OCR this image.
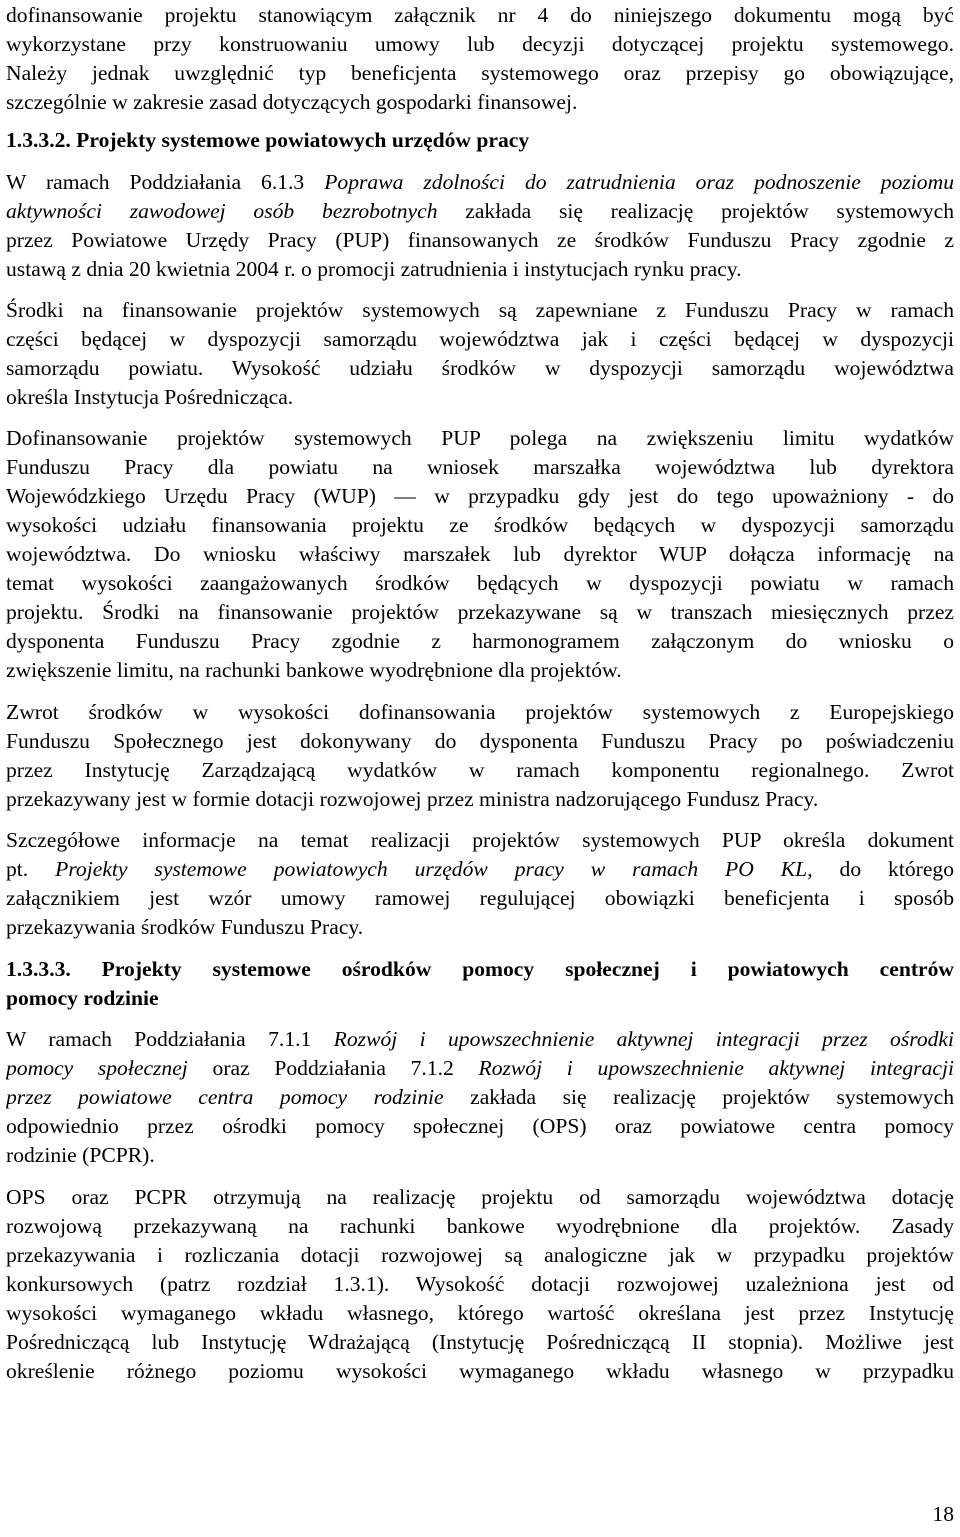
dofinansowanie projektu stanowiącym załącznik nr 4 do niniejszego dokumentu mogą być
wykorzystane przy konstruowaniu umowy lub decyzji dotyczącej projektu systemowego.
Należy jednak uwzględnić typ beneficjenta systemowego oraz przepisy go obowiązujące,
szczególnie w zakresie zasad dotyczących gospodarki finansowej.
1.3.3.2. Projekty systemowe powiatowych urzędów pracy
W ramach Poddziałania 6.1.3 Poprawa zdolności do zatrudnienia oraz podnoszenie poziomu
aktywności zawodowej osób bezrobotnych zakłada się realizację projektów systemowych
przez Powiatowe Urzędy Pracy (PUP) finansowanych ze środków Funduszu Pracy zgodnie z
ustawą z dnia 20 kwietnia 2004 r. o promocji zatrudnienia i instytucjach rynku pracy.
Środki na finansowanie projektów systemowych są zapewniane z Funduszu Pracy w ramach
części będącej w dyspozycji samorządu województwa jak i części będącej w dyspozycji
samorządu powiatu. Wysokość udziału środków w dyspozycji samorządu województwa
określa Instytucja Pośrednicząca.
Dofinansowanie projektów systemowych PUP polega na zwiększeniu limitu wydatków
Funduszu Pracy dla powiatu na wniosek marszałka województwa lub dyrektora
Wojewódzkiego Urzędu Pracy (WUP) — w przypadku gdy jest do tego upoważniony - do
wysokości udziału finansowania projektu ze środków będących w dyspozycji samorządu
województwa. Do wniosku właściwy marszałek lub dyrektor WUP dołącza informację na
temat wysokości zaangażowanych środków będących w dyspozycji powiatu w ramach
projektu. Środki na finansowanie projektów przekazywane są w transzach miesięcznych przez
dysponenta Funduszu Pracy zgodnie z harmonogramem załączonym do wniosku o
zwiększenie limitu, na rachunki bankowe wyodrębnione dla projektów.
Zwrot środków w wysokości dofinansowania projektów systemowych z Europejskiego
Funduszu Społecznego jest dokonywany do dysponenta Funduszu Pracy po poświadczeniu
przez Instytucję Zarządzającą wydatków w ramach komponentu regionalnego. Zwrot
przekazywany jest w formie dotacji rozwojowej przez ministra nadzorującego Fundusz Pracy.
Szczegółowe informacje na temat realizacji projektów systemowych PUP określa dokument
pt. Projekty systemowe powiatowych urzędów pracy w ramach PO KL, do którego
załącznikiem jest wzór umowy ramowej regulującej obowiązki beneficjenta i sposób
przekazywania środków Funduszu Pracy.
1.3.3.3. Projekty systemowe ośrodków pomocy społecznej i powiatowych centrów
pomocy rodzinie
W ramach Poddziałania 7.1.1 Rozwój i upowszechnienie aktywnej integracji przez ośrodki
pomocy społecznej oraz Poddziałania 7.1.2 Rozwój i upowszechnienie aktywnej integracji
przez powiatowe centra pomocy rodzinie zakłada się realizację projektów systemowych
odpowiednio przez ośrodki pomocy społecznej (OPS) oraz powiatowe centra pomocy
rodzinie (PCPR).
OPS oraz PCPR otrzymują na realizację projektu od samorządu województwa dotację
rozwojową przekazywaną na rachunki bankowe wyodrębnione dla projektów. Zasady
przekazywania i rozliczania dotacji rozwojowej są analogiczne jak w przypadku projektów
konkursowych (patrz rozdział 1.3.1). Wysokość dotacji rozwojowej uzależniona jest od
wysokości wymaganego wkładu własnego, którego wartość określana jest przez Instytucję
Pośredniczącą lub Instytucję Wdrażającą (Instytucję Pośredniczącą II stopnia). Możliwe jest
określenie różnego poziomu wysokości wymaganego wkładu własnego w przypadku
18
